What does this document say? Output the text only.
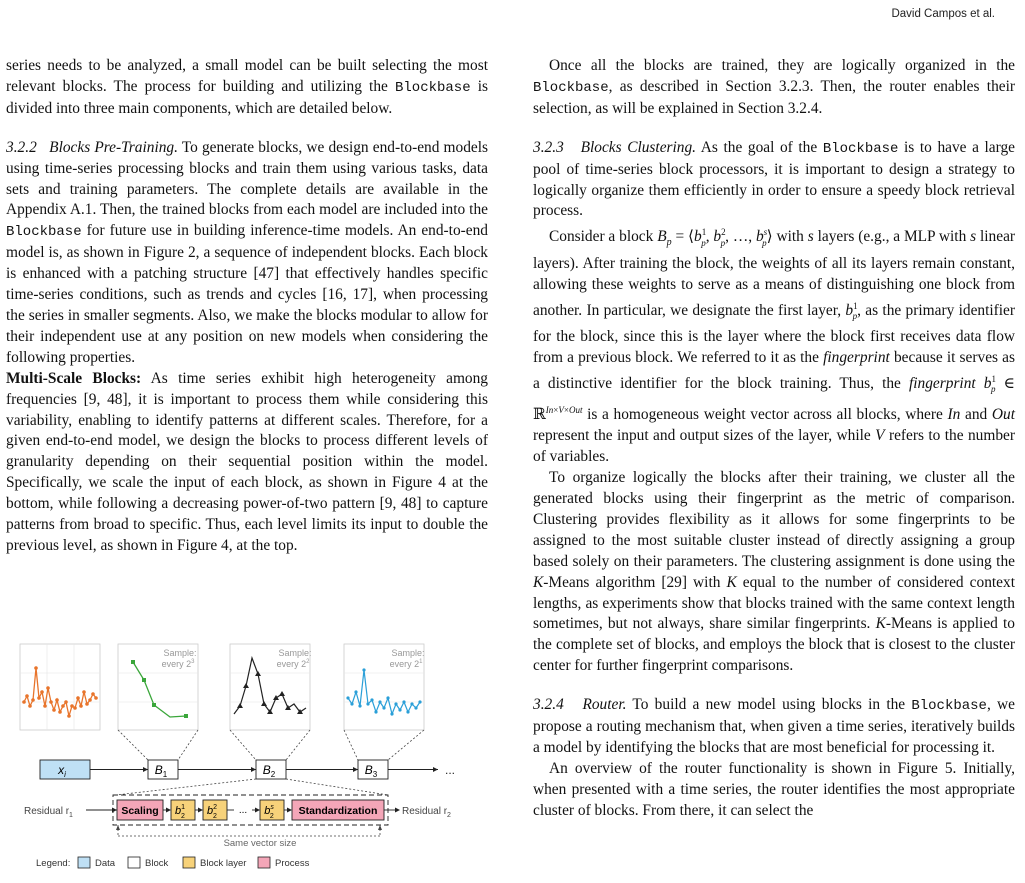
David Campos et al.

series needs to be analyzed, a small model can be built selecting the most relevant blocks. The process for building and utilizing the Blockbase is divided into three main components, which are detailed below.

3.2.2 Blocks Pre-Training. To generate blocks, we design end-to-end models using time-series processing blocks and train them using various tasks, data sets and training parameters. The complete details are available in the Appendix A.1. Then, the trained blocks from each model are included into the Blockbase for future use in building inference-time models. An end-to-end model is, as shown in Figure 2, a sequence of independent blocks. Each block is enhanced with a patching structure [47] that effectively handles specific time-series conditions, such as trends and cycles [16, 17], when processing the series in smaller segments. Also, we make the blocks modular to allow for their independent use at any position on new models when considering the following properties.

Multi-Scale Blocks: As time series exhibit high heterogeneity among frequencies [9, 48], it is important to process them while considering this variability, enabling to identify patterns at different scales. Therefore, for a given end-to-end model, we design the blocks to process different levels of granularity depending on their sequential position within the model. Specifically, we scale the input of each block, as shown in Figure 4 at the bottom, while following a decreasing power-of-two pattern [9, 48] to capture patterns from broad to specific. Thus, each level limits its input to double the previous level, as shown in Figure 4, at the top.

Sample:
every $2^3$
Sample:
every $2^2$
Sample:
every $2^1$
$x_i$	$B_1$	$B_2$	$B_3$	...
Residual $r_1$	Scaling $b^1$ 2 $b^2$ 2
... $b^s$ 2 Standardization Residual $r_2$
Same vector size
Legend:	Data	Block	Block layer	Process

Once all the blocks are trained, they are logically organized in the Blockbase, as described in Section 3.2.3. Then, the router enables their selection, as will be explained in Section 3.2.4.

3.2.3 Blocks Clustering. As the goal of the Blockbase is to have a large pool of time-series block processors, it is important to design a strategy to logically organize them efficiently in order to ensure a speedy block retrieval process.

Consider a block $B_p$ = $⟨b^1_p$, $b^2_p$, …, $b^s_p⟩$ with s layers (e.g., a MLP with s linear layers). After training the block, the weights of all its layers remain constant, allowing these weights to serve as a means of distinguishing one block from another. In particular, we designate the first layer, $b^1_p$, as the primary identifier for the block, since this is the layer where the block first receives data flow from a previous block. We referred to it as the fingerprint because it serves as a distinctive identifier for the block training. Thus, the fingerprint $b^1_p$ ∈ ℝ$^{In\times V\times Out}$ is a homogeneous weight vector across all blocks, where In and Out represent the input and output sizes of the layer, while V refers to the number of variables.

To organize logically the blocks after their training, we cluster all the generated blocks using their fingerprint as the metric of comparison. Clustering provides flexibility as it allows for some fingerprints to be assigned to the most suitable cluster instead of directly assigning a group based solely on their parameters. The clustering assignment is done using the K-Means algorithm [29] with K equal to the number of considered context lengths, as experiments show that blocks trained with the same context length sometimes, but not always, share similar fingerprints. K-Means is applied to the complete set of blocks, and employs the block that is closest to the cluster center for further fingerprint comparisons.

3.2.4 Router. To build a new model using blocks in the Blockbase, we propose a routing mechanism that, when given a time series, iteratively builds a model by identifying the blocks that are most beneficial for processing it.

An overview of the router functionality is shown in Figure 5. Initially, when presented with a time series, the router identifies the most appropriate cluster of blocks. From there, it can select the
